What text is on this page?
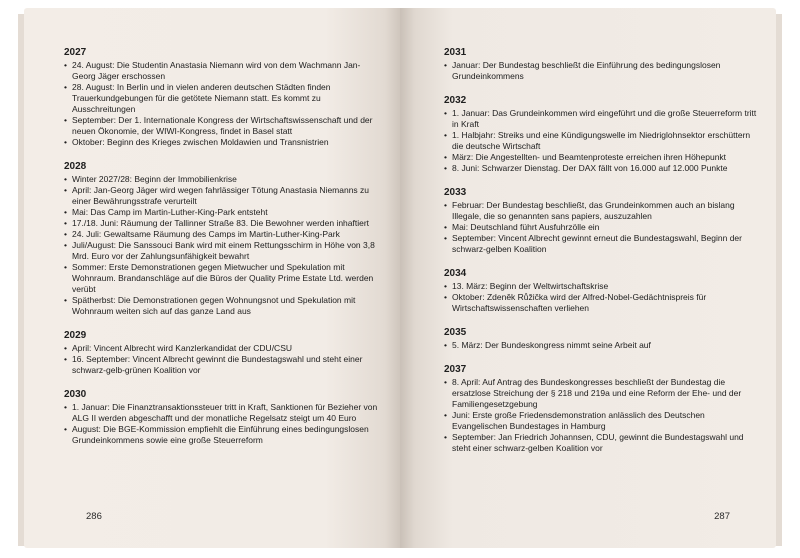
2027
• 24. August: Die Studentin Anastasia Niemann wird von dem Wachmann Jan-Georg Jäger erschossen
• 28. August: In Berlin und in vielen anderen deutschen Städten finden Trauerkundgebungen für die getötete Niemann statt. Es kommt zu Ausschreitungen
• September: Der 1. Internationale Kongress der Wirtschaftswissenschaft und der neuen Ökonomie, der WIWI-Kongress, findet in Basel statt
• Oktober: Beginn des Krieges zwischen Moldawien und Transnistrien
2028
• Winter 2027/28: Beginn der Immobilienkrise
• April: Jan-Georg Jäger wird wegen fahrlässiger Tötung Anastasia Niemanns zu einer Bewährungsstrafe verurteilt
• Mai: Das Camp im Martin-Luther-King-Park entsteht
• 17./18. Juni: Räumung der Tallinner Straße 83. Die Bewohner werden inhaftiert
• 24. Juli: Gewaltsame Räumung des Camps im Martin-Luther-King-Park
• Juli/August: Die Sanssouci Bank wird mit einem Rettungsschirm in Höhe von 3,8 Mrd. Euro vor der Zahlungsunfähigkeit bewahrt
• Sommer: Erste Demonstrationen gegen Mietwucher und Spekulation mit Wohnraum. Brandanschläge auf die Büros der Quality Prime Estate Ltd. werden verübt
• Spätherbst: Die Demonstrationen gegen Wohnungsnot und Spekulation mit Wohnraum weiten sich auf das ganze Land aus
2029
• April: Vincent Albrecht wird Kanzlerkandidat der CDU/CSU
• 16. September: Vincent Albrecht gewinnt die Bundestagswahl und steht einer schwarz-gelb-grünen Koalition vor
2030
• 1. Januar: Die Finanztransaktionssteuer tritt in Kraft, Sanktionen für Bezieher von ALG II werden abgeschafft und der monatliche Regelsatz steigt um 40 Euro
• August: Die BGE-Kommission empfiehlt die Einführung eines bedingungslosen Grundeinkommens sowie eine große Steuerreform
286
2031
• Januar: Der Bundestag beschließt die Einführung des bedingungslosen Grundeinkommens
2032
• 1. Januar: Das Grundeinkommen wird eingeführt und die große Steuerreform tritt in Kraft
• 1. Halbjahr: Streiks und eine Kündigungswelle im Niedriglohnsektor erschüttern die deutsche Wirtschaft
• März: Die Angestellten- und Beamtenproteste erreichen ihren Höhepunkt
• 8. Juni: Schwarzer Dienstag. Der DAX fällt von 16.000 auf 12.000 Punkte
2033
• Februar: Der Bundestag beschließt, das Grundeinkommen auch an bislang Illegale, die so genannten sans papiers, auszuzahlen
• Mai: Deutschland führt Ausfuhrzölle ein
• September: Vincent Albrecht gewinnt erneut die Bundestagswahl, Beginn der schwarz-gelben Koalition
2034
• 13. März: Beginn der Weltwirtschaftskrise
• Oktober: Zdeněk Růžička wird der Alfred-Nobel-Gedächtnispreis für Wirtschaftswissenschaften verliehen
2035
• 5. März: Der Bundeskongress nimmt seine Arbeit auf
2037
• 8. April: Auf Antrag des Bundeskongresses beschließt der Bundestag die ersatzlose Streichung der § 218 und 219a und eine Reform der Ehe- und der Familiengesetzgebung
• Juni: Erste große Friedensdemonstration anlässlich des Deutschen Evangelischen Bundestages in Hamburg
• September: Jan Friedrich Johannsen, CDU, gewinnt die Bundestagswahl und steht einer schwarz-gelben Koalition vor
287
